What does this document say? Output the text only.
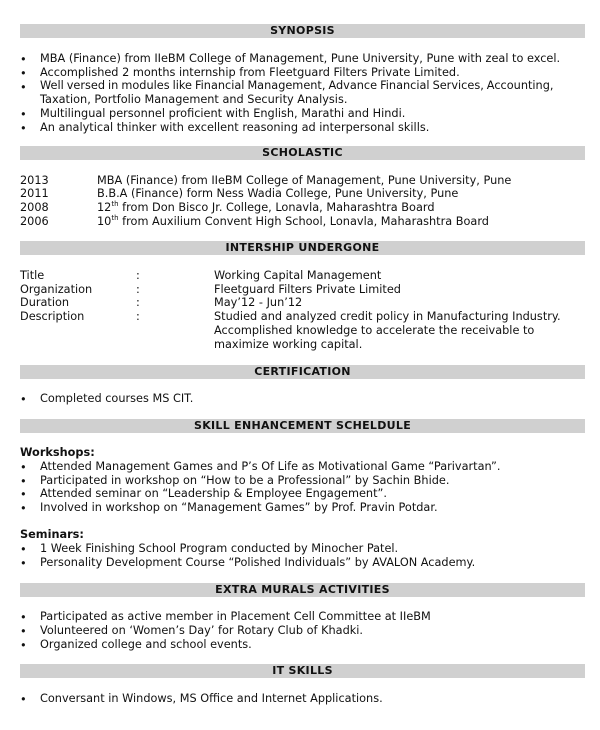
SYNOPSIS
• MBA (Finance) from IIeBM College of Management, Pune University, Pune with zeal to excel.
• Accomplished 2 months internship from Fleetguard Filters Private Limited.
• Well versed in modules like Financial Management, Advance Financial Services, Accounting,
Taxation, Portfolio Management and Security Analysis.
• Multilingual personnel proficient with English, Marathi and Hindi.
• An analytical thinker with excellent reasoning ad interpersonal skills.
SCHOLASTIC
2013	MBA (Finance) from IIeBM College of Management, Pune University, Pune
2011	B.B.A (Finance) form Ness Wadia College, Pune University, Pune
2008	12th from Don Bisco Jr. College, Lonavla, Maharashtra Board
2006	10th from Auxilium Convent High School, Lonavla, Maharashtra Board
INTERSHIP UNDERGONE
Title	:	Working Capital Management
Organization	:	Fleetguard Filters Private Limited
Duration	:	May’12 - Jun’12
Description	:	Studied and analyzed credit policy in Manufacturing Industry.
Accomplished knowledge to accelerate the receivable to
maximize working capital.
CERTIFICATION
• Completed courses MS CIT.
SKILL ENHANCEMENT SCHELDULE
Workshops:
• Attended Management Games and P’s Of Life as Motivational Game “Parivartan”.
• Participated in workshop on “How to be a Professional” by Sachin Bhide.
• Attended seminar on “Leadership & Employee Engagement”.
• Involved in workshop on “Management Games” by Prof. Pravin Potdar.
Seminars:
• 1 Week Finishing School Program conducted by Minocher Patel.
• Personality Development Course “Polished Individuals” by AVALON Academy.
EXTRA MURALS ACTIVITIES
• Participated as active member in Placement Cell Committee at IIeBM
• Volunteered on ‘Women’s Day’ for Rotary Club of Khadki.
• Organized college and school events.
IT SKILLS
• Conversant in Windows, MS Office and Internet Applications.
